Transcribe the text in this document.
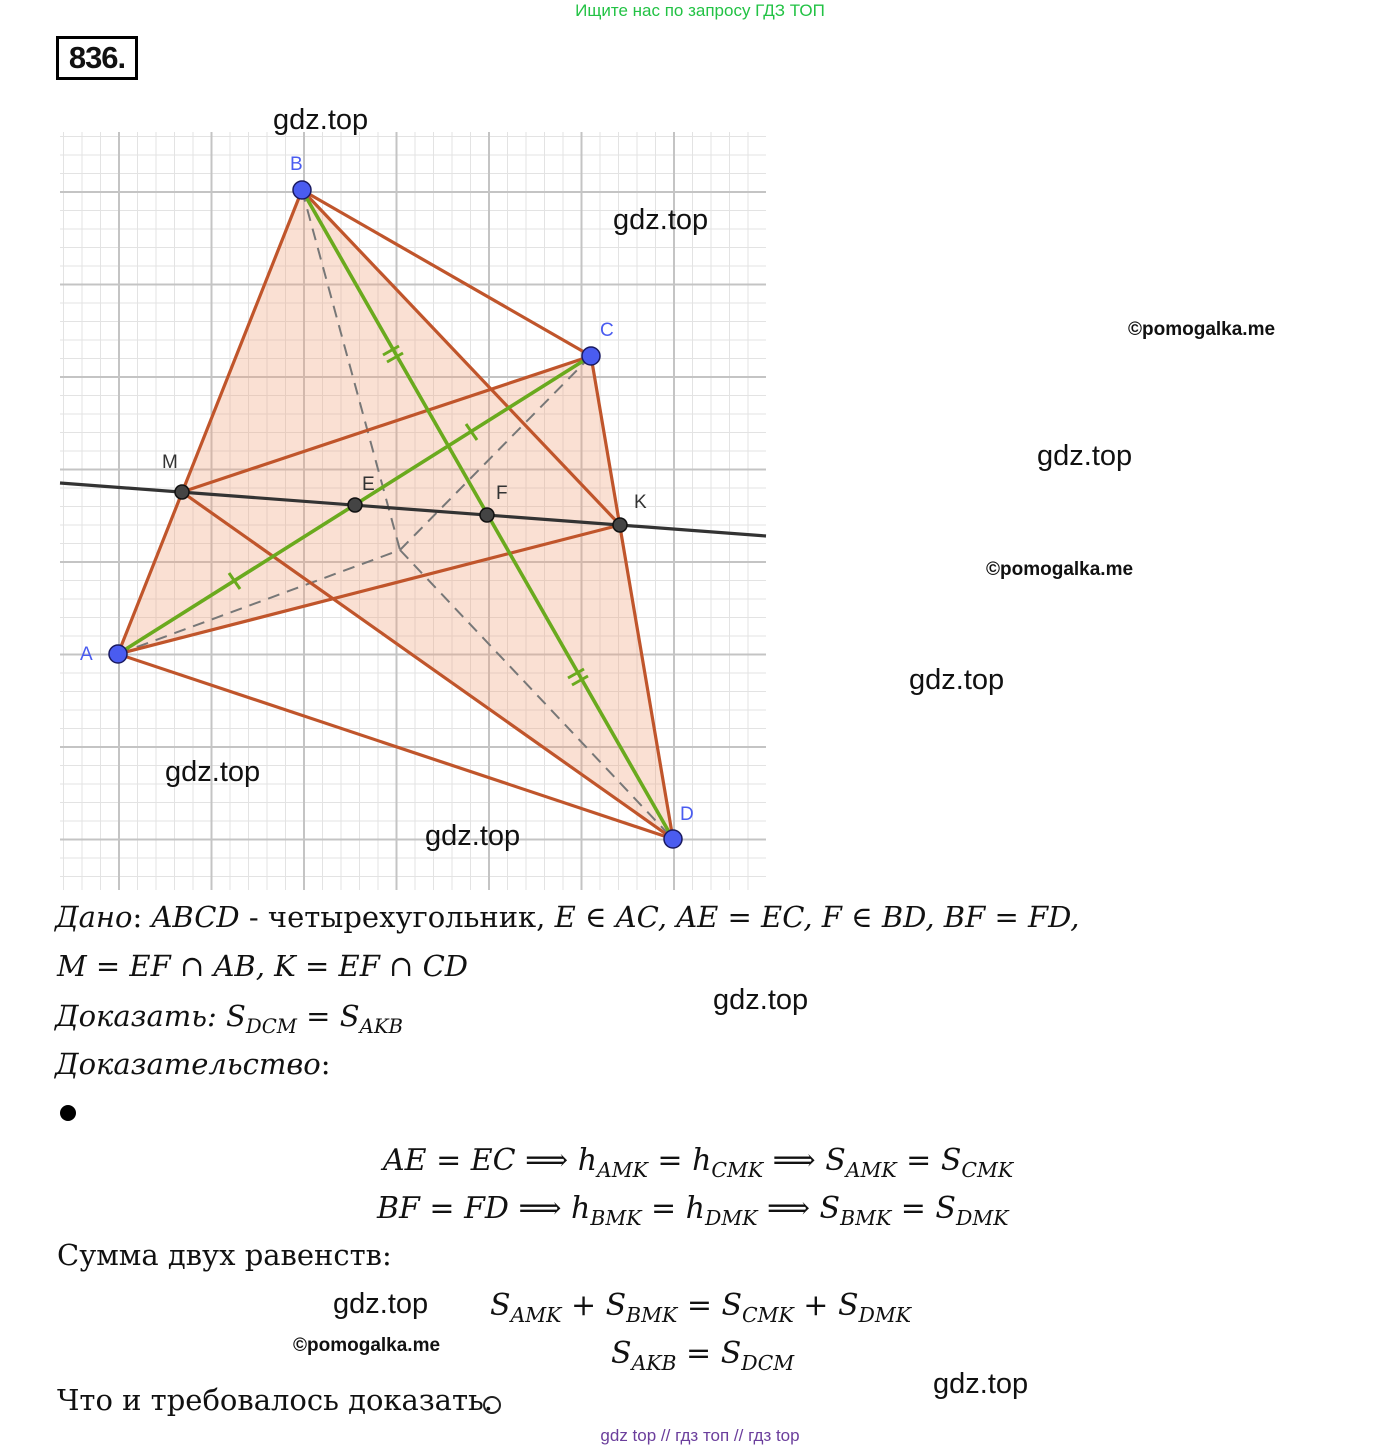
Ищите нас по запросу ГДЗ ТОП
836.
A
B
C
D
M
E	F	K
gdz.top
gdz.top
©pomogalka.me
gdz.top
©pomogalka.me
gdz.top
gdz.top
gdz.top
gdz.top
gdz.top
©pomogalka.me
gdz.top
Дано: ABCD - четырехугольник, E ∈ AC, AE = EC, F ∈ BD, BF = FD,
M = EF ∩ AB, K = EF ∩ CD
Доказать: $S_{DCM} = S_{AKB}$
Доказательство:
AE = EC ⟹ $h_{AMK} = h_{CMK}$ ⟹ $S_{AMK} = S_{CMK}$
BF = FD ⟹ $h_{BMK} = h_{DMK}$ ⟹ $S_{BMK} = S_{DMK}$
Сумма двух равенств:
$S_{AMK} + S_{BMK} = S_{CMK} + S_{DMK}$
$S_{AKB} = S_{DCM}$
Что и требовалось доказать.
gdz top // гдз топ // гдз top
